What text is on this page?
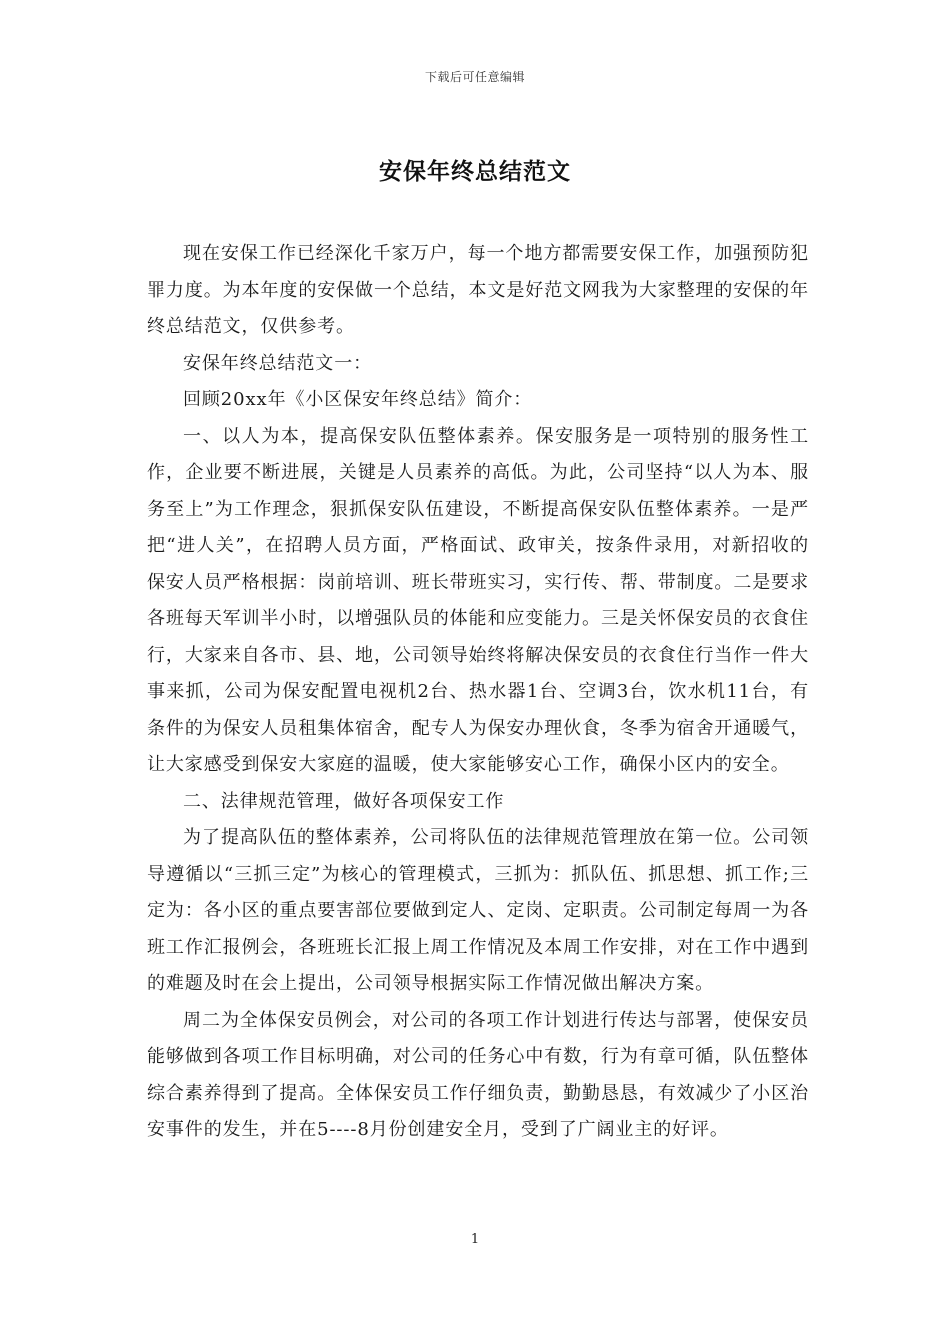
下载后可任意编辑
安保年终总结范文

现在安保工作已经深化千家万户，每一个地方都需要安保工作，加强预防犯罪力度。为本年度的安保做一个总结，本文是好范文网我为大家整理的安保的年终总结范文，仅供参考。

安保年终总结范文一：

回顾20xx年《小区保安年终总结》简介：

一、以人为本，提高保安队伍整体素养。保安服务是一项特别的服务性工作，企业要不断进展，关键是人员素养的高低。为此，公司坚持“以人为本、服务至上”为工作理念，狠抓保安队伍建设，不断提高保安队伍整体素养。一是严把“进人关”，在招聘人员方面，严格面试、政审关，按条件录用，对新招收的保安人员严格根据：岗前培训、班长带班实习，实行传、帮、带制度。二是要求各班每天军训半小时，以增强队员的体能和应变能力。三是关怀保安员的衣食住行，大家来自各市、县、地，公司领导始终将解决保安员的衣食住行当作一件大事来抓，公司为保安配置电视机2台、热水器1台、空调3台，饮水机11台，有条件的为保安人员租集体宿舍，配专人为保安办理伙食，冬季为宿舍开通暖气，让大家感受到保安大家庭的温暖，使大家能够安心工作，确保小区内的安全。

二、法律规范管理，做好各项保安工作

为了提高队伍的整体素养，公司将队伍的法律规范管理放在第一位。公司领导遵循以“三抓三定”为核心的管理模式，三抓为：抓队伍、抓思想、抓工作;三定为：各小区的重点要害部位要做到定人、定岗、定职责。公司制定每周一为各班工作汇报例会，各班班长汇报上周工作情况及本周工作安排，对在工作中遇到的难题及时在会上提出，公司领导根据实际工作情况做出解决方案。

周二为全体保安员例会，对公司的各项工作计划进行传达与部署，使保安员能够做到各项工作目标明确，对公司的任务心中有数，行为有章可循，队伍整体综合素养得到了提高。全体保安员工作仔细负责，勤勤恳恳，有效减少了小区治安事件的发生，并在5----8月份创建安全月，受到了广阔业主的好评。

1
